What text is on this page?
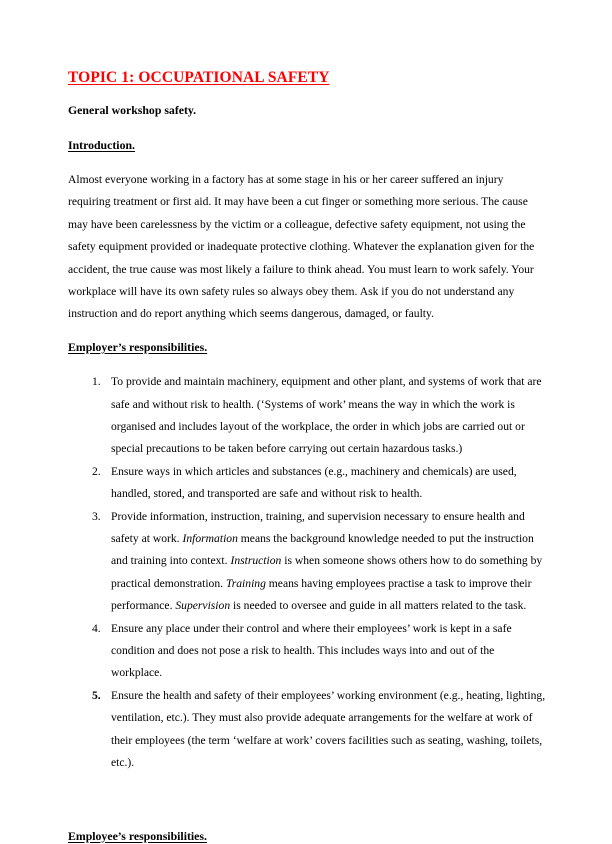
TOPIC 1: OCCUPATIONAL SAFETY

General workshop safety.

Introduction.

Almost everyone working in a factory has at some stage in his or her career suffered an injury requiring treatment or first aid. It may have been a cut finger or something more serious. The cause may have been carelessness by the victim or a colleague, defective safety equipment, not using the safety equipment provided or inadequate protective clothing. Whatever the explanation given for the accident, the true cause was most likely a failure to think ahead. You must learn to work safely. Your workplace will have its own safety rules so always obey them. Ask if you do not understand any instruction and do report anything which seems dangerous, damaged, or faulty.

Employer’s responsibilities.

To provide and maintain machinery, equipment and other plant, and systems of work that are safe and without risk to health. (‘Systems of work’ means the way in which the work is organised and includes layout of the workplace, the order in which jobs are carried out or special precautions to be taken before carrying out certain hazardous tasks.)
Ensure ways in which articles and substances (e.g., machinery and chemicals) are used, handled, stored, and transported are safe and without risk to health.
Provide information, instruction, training, and supervision necessary to ensure health and safety at work. Information means the background knowledge needed to put the instruction and training into context. Instruction is when someone shows others how to do something by practical demonstration. Training means having employees practise a task to improve their performance. Supervision is needed to oversee and guide in all matters related to the task.
Ensure any place under their control and where their employees’ work is kept in a safe condition and does not pose a risk to health. This includes ways into and out of the workplace.
Ensure the health and safety of their employees’ working environment (e.g., heating, lighting, ventilation, etc.). They must also provide adequate arrangements for the welfare at work of their employees (the term ‘welfare at work’ covers facilities such as seating, washing, toilets, etc.).

Employee’s responsibilities.
